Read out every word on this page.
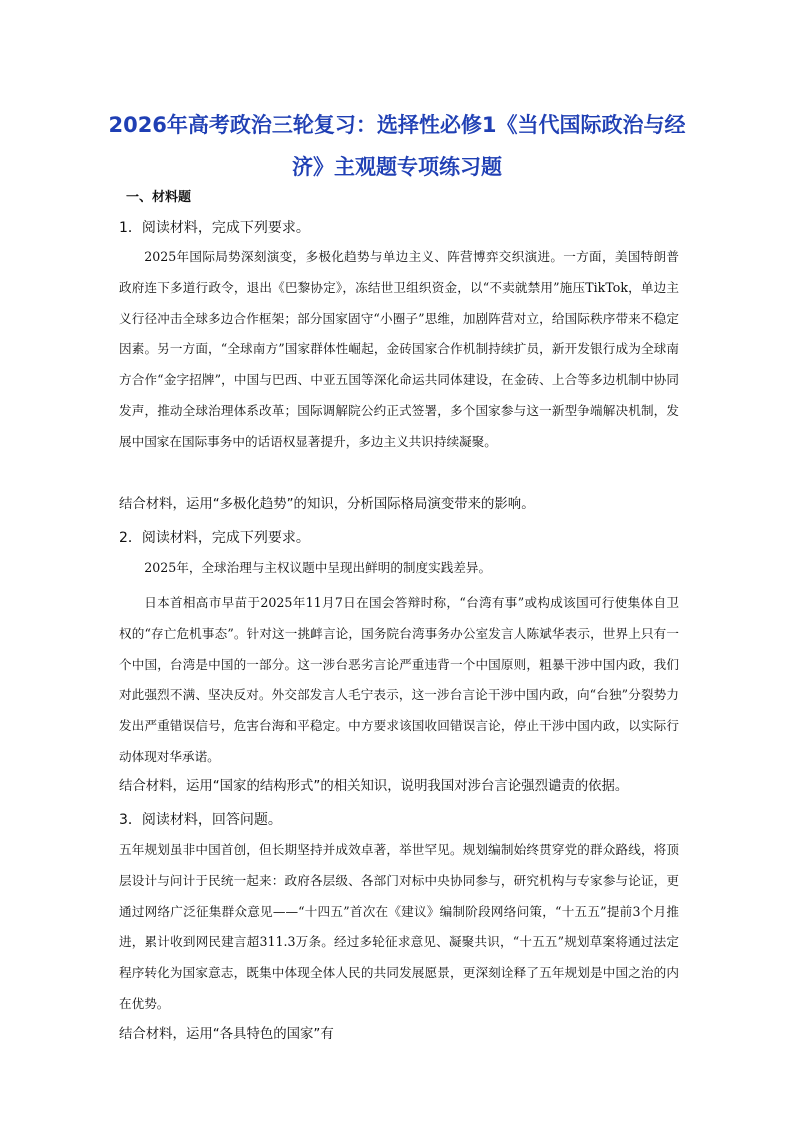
2026年高考政治三轮复习：选择性必修1《当代国际政治与经济》主观题专项练习题
一、材料题
1．阅读材料，完成下列要求。

2025年国际局势深刻演变，多极化趋势与单边主义、阵营博弈交织演进。一方面，美国特朗普政府连下多道行政令，退出《巴黎协定》，冻结世卫组织资金，以“不卖就禁用”施压TikTok，单边主义行径冲击全球多边合作框架；部分国家固守“小圈子”思维，加剧阵营对立，给国际秩序带来不稳定因素。另一方面，“全球南方”国家群体性崛起，金砖国家合作机制持续扩员，新开发银行成为全球南方合作“金字招牌”，中国与巴西、中亚五国等深化命运共同体建设，在金砖、上合等多边机制中协同发声，推动全球治理体系改革；国际调解院公约正式签署，多个国家参与这一新型争端解决机制，发展中国家在国际事务中的话语权显著提升，多边主义共识持续凝聚。

结合材料，运用“多极化趋势”的知识，分析国际格局演变带来的影响。
2．阅读材料，完成下列要求。

2025年，全球治理与主权议题中呈现出鲜明的制度实践差异。

日本首相高市早苗于2025年11月7日在国会答辩时称，“台湾有事”或构成该国可行使集体自卫权的“存亡危机事态”。针对这一挑衅言论，国务院台湾事务办公室发言人陈斌华表示，世界上只有一个中国，台湾是中国的一部分。这一涉台恶劣言论严重违背一个中国原则，粗暴干涉中国内政，我们对此强烈不满、坚决反对。外交部发言人毛宁表示，这一涉台言论干涉中国内政，向“台独”分裂势力发出严重错误信号，危害台海和平稳定。中方要求该国收回错误言论，停止干涉中国内政，以实际行动体现对华承诺。

结合材料，运用“国家的结构形式”的相关知识，说明我国对涉台言论强烈谴责的依据。
3．阅读材料，回答问题。

五年规划虽非中国首创，但长期坚持并成效卓著，举世罕见。规划编制始终贯穿党的群众路线，将顶层设计与问计于民统一起来：政府各层级、各部门对标中央协同参与，研究机构与专家参与论证，更通过网络广泛征集群众意见——“十四五”首次在《建议》编制阶段网络问策，“十五五”提前3个月推进，累计收到网民建言超311.3万条。经过多轮征求意见、凝聚共识，“十五五”规划草案将通过法定程序转化为国家意志，既集中体现全体人民的共同发展愿景，更深刻诠释了五年规划是中国之治的内在优势。

结合材料，运用“各具特色的国家”有
